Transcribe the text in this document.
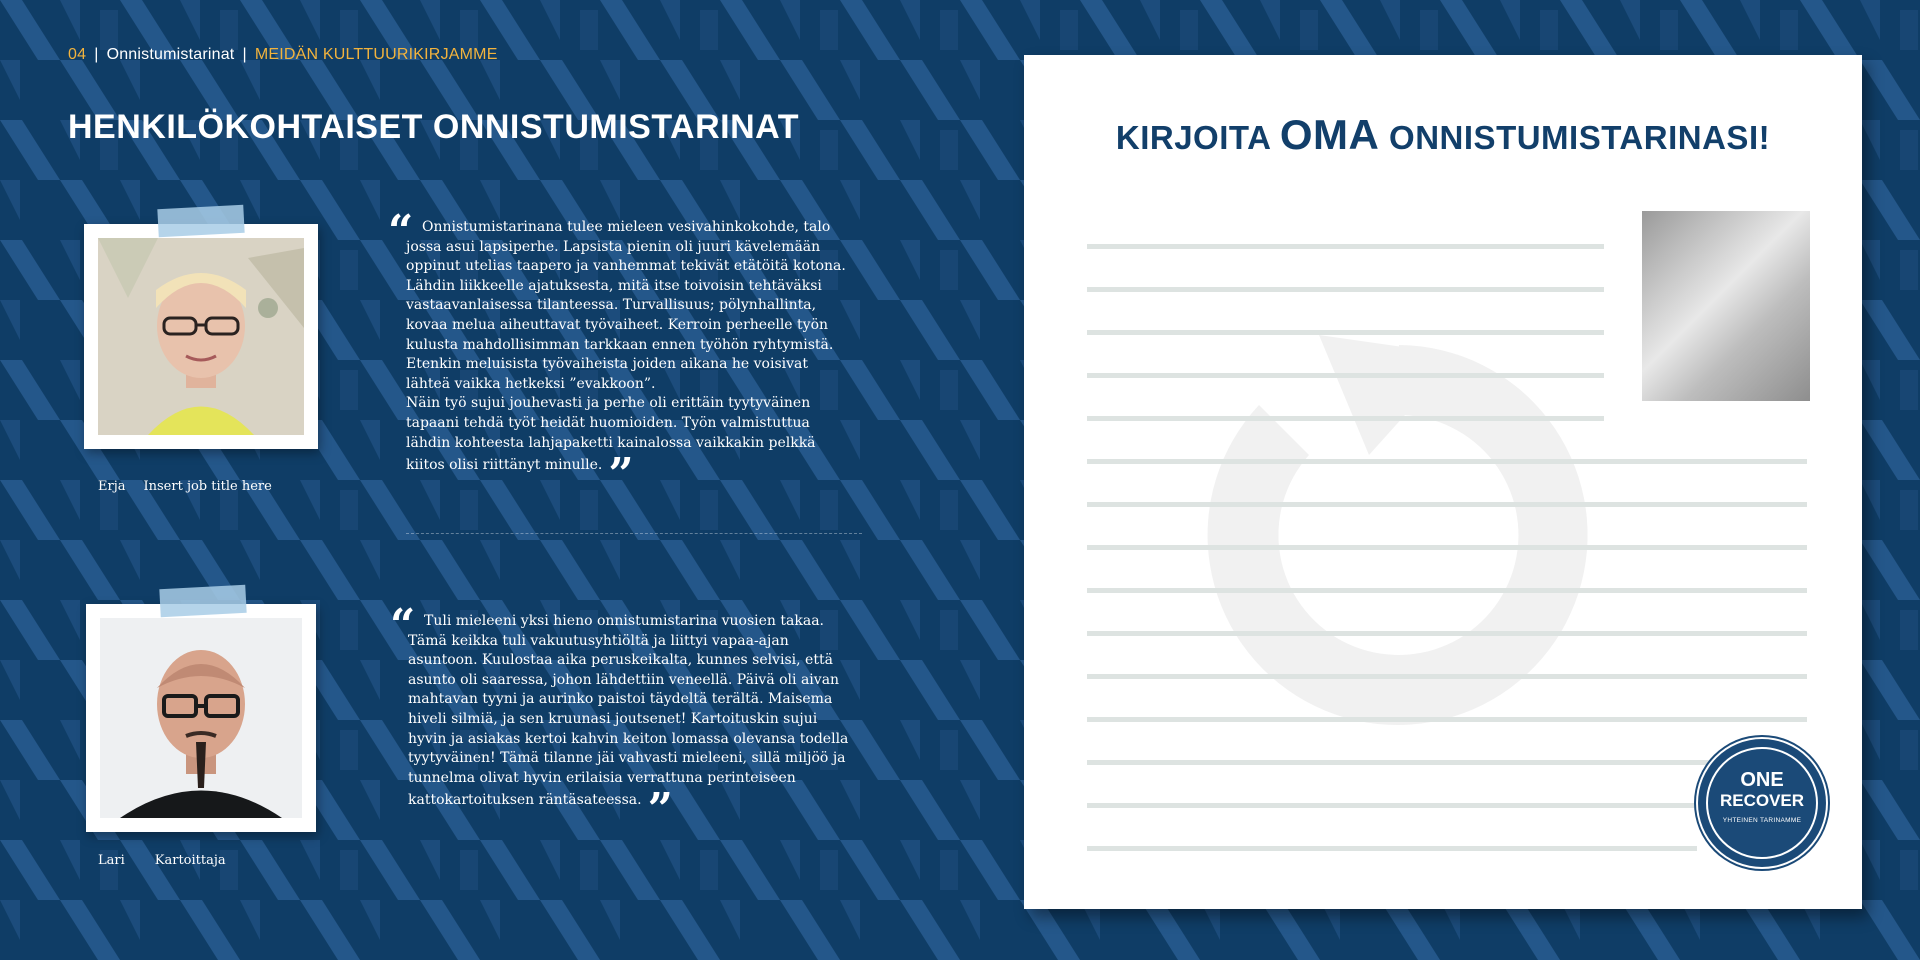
04 | Onnistumistarinat | MEIDÄN KULTTUURIKIRJAMME
HENKILÖKOHTAISET ONNISTUMISTARINAT
Erja Insert job title here
“ Onnistumistarinana tulee mieleen vesivahinkokohde, talo jossa asui lapsiperhe. Lapsista pienin oli juuri kävelemään oppinut utelias taapero ja vanhemmat tekivät etätöitä kotona.
Lähdin liikkeelle ajatuksesta, mitä itse toivoisin tehtäväksi vastaavanlaisessa tilanteessa. Turvallisuus; pölynhallinta, kovaa melua aiheuttavat työvaiheet. Kerroin perheelle työn kulusta mahdollisimman tarkkaan ennen työhön ryhtymistä. Etenkin meluisista työvaiheista joiden aikana he voisivat lähteä vaikka hetkeksi ”evakkoon”.
Näin työ sujui jouhevasti ja perhe oli erittäin tyytyväinen tapaani tehdä työt heidät huomioiden. Työn valmistuttua lähdin kohteesta lahjapaketti kainalossa vaikkakin pelkkä kiitos olisi riittänyt minulle. ”

Lari Kartoittaja
“ Tuli mieleeni yksi hieno onnistumistarina vuosien takaa. Tämä keikka tuli vakuutusyhtiöltä ja liittyi vapaa-ajan asuntoon. Kuulostaa aika peruskeikalta, kunnes selvisi, että asunto oli saaressa, johon lähdettiin veneellä. Päivä oli aivan mahtavan tyyni ja aurinko paistoi täydeltä terältä. Maisema hiveli silmiä, ja sen kruunasi joutsenet! Kartoituskin sujui hyvin ja asiakas kertoi kahvin keiton lomassa olevansa todella tyytyväinen! Tämä tilanne jäi vahvasti mieleeni, sillä miljöö ja tunnelma olivat hyvin erilaisia verrattuna perinteiseen kattokartoituksen räntäsateessa. ”

KIRJOITA OMA ONNISTUMISTARINASI!
ONE
RECOVER
YHTEINEN TARINAMME
